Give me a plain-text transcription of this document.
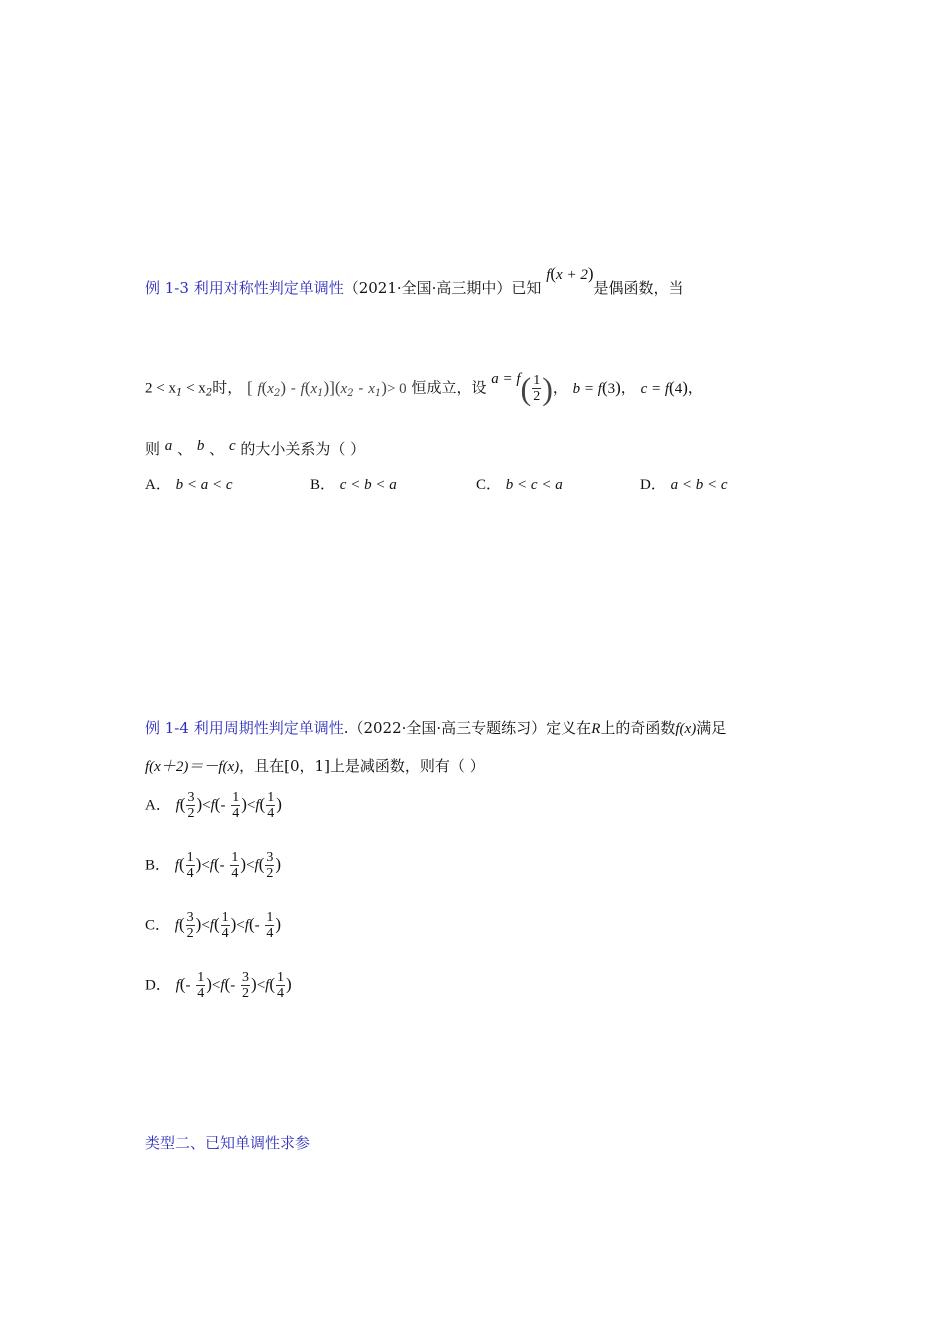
例 1-3 利用对称性判定单调性（2021·全国·高三期中）已知 f(x + 2)是偶函数，当
$2 < x_1 < x_2$时， [ $f(x_2) - f(x_1)](x_2 - x_1)> 0$ 恒成立，设 $a = f( \frac{1}{2}$ )， b = f(3)， c = f(4)，
则 a 、 b 、 c 的大小关系为（ ）
A． b < a < c	B． c < b < a	C． b < c < a	D． a < b < c
例 1-4 利用周期性判定单调性.（2022·全国·高三专题练习）定义在R上的奇函数f(x)满足
f(x＋2)＝－f(x)，且在[0，1]上是减函数，则有（ ）
A． $f( \frac{3}{2} )<f(- \frac{1}{4} )<f( \frac{1}{4}$ )
B． $f( \frac{1}{4} )<f(- \frac{1}{4} )<f( \frac{3}{2}$ )
C． $f( \frac{3}{2} )<f( \frac{1}{4} )<f(- \frac{1}{4}$ )
D． $f(- \frac{1}{4} )<f(- \frac{3}{2} )<f( \frac{1}{4}$ )
类型二、已知单调性求参
